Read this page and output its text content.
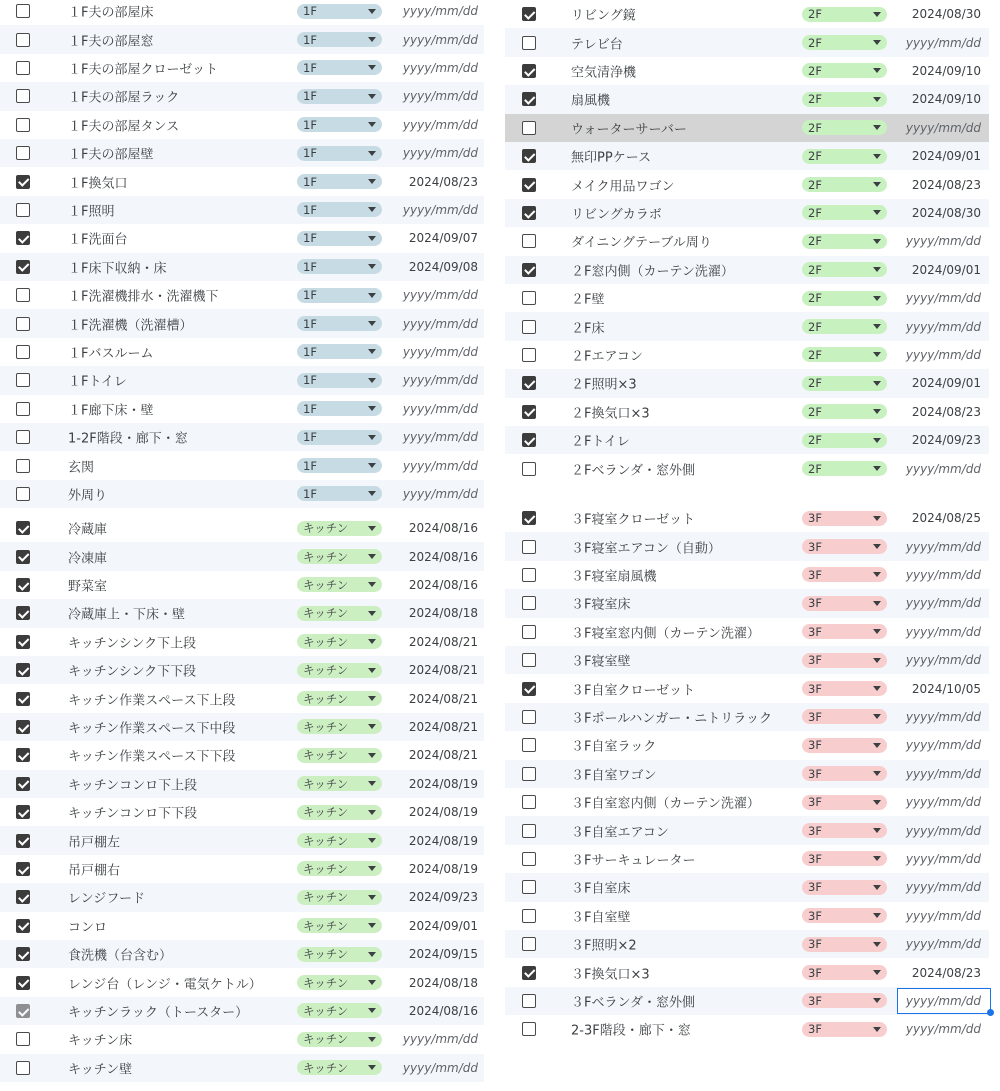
１F夫の部屋床	1F	yyyy/mm/dd
１F夫の部屋窓	1F	yyyy/mm/dd
１F夫の部屋クローゼット	1F	yyyy/mm/dd
１F夫の部屋ラック	1F	yyyy/mm/dd
１F夫の部屋タンス	1F	yyyy/mm/dd
１F夫の部屋壁	1F	yyyy/mm/dd
１F換気口	1F	2024/08/23
１F照明	1F	yyyy/mm/dd
１F洗面台	1F	2024/09/07
１F床下収納・床	1F	2024/09/08
１F洗濯機排水・洗濯機下	1F	yyyy/mm/dd
１F洗濯機（洗濯槽）	1F	yyyy/mm/dd
１Fバスルーム	1F	yyyy/mm/dd
１Fトイレ	1F	yyyy/mm/dd
１F廊下床・壁	1F	yyyy/mm/dd
1-2F階段・廊下・窓	1F	yyyy/mm/dd
玄関	1F	yyyy/mm/dd
外周り	1F	yyyy/mm/dd
冷蔵庫	キッチン	2024/08/16
冷凍庫	キッチン	2024/08/16
野菜室	キッチン	2024/08/16
冷蔵庫上・下床・壁	キッチン	2024/08/18
キッチンシンク下上段	キッチン	2024/08/21
キッチンシンク下下段	キッチン	2024/08/21
キッチン作業スペース下上段	キッチン	2024/08/21
キッチン作業スペース下中段	キッチン	2024/08/21
キッチン作業スペース下下段	キッチン	2024/08/21
キッチンコンロ下上段	キッチン	2024/08/19
キッチンコンロ下下段	キッチン	2024/08/19
吊戸棚左	キッチン	2024/08/19
吊戸棚右	キッチン	2024/08/19
レンジフード	キッチン	2024/09/23
コンロ	キッチン	2024/09/01
食洗機（台含む）	キッチン	2024/09/15
レンジ台（レンジ・電気ケトル）	キッチン	2024/08/18
キッチンラック（トースター）	キッチン	2024/08/16
キッチン床	キッチン	yyyy/mm/dd
キッチン壁	キッチン	yyyy/mm/dd
リビング鏡	2F	2024/08/30
テレビ台	2F	yyyy/mm/dd
空気清浄機	2F	2024/09/10
扇風機	2F	2024/09/10
ウォーターサーバー	2F	yyyy/mm/dd
無印PPケース	2F	2024/09/01
メイク用品ワゴン	2F	2024/08/23
リビングカラボ	2F	2024/08/30
ダイニングテーブル周り	2F	yyyy/mm/dd
２F窓内側（カーテン洗濯）	2F	2024/09/01
２F壁	2F	yyyy/mm/dd
２F床	2F	yyyy/mm/dd
２Fエアコン	2F	yyyy/mm/dd
２F照明×3	2F	2024/09/01
２F換気口×3	2F	2024/08/23
２Fトイレ	2F	2024/09/23
２Fベランダ・窓外側	2F	yyyy/mm/dd
３F寝室クローゼット	3F	2024/08/25
３F寝室エアコン（自動）	3F	yyyy/mm/dd
３F寝室扇風機	3F	yyyy/mm/dd
３F寝室床	3F	yyyy/mm/dd
３F寝室窓内側（カーテン洗濯）	3F	yyyy/mm/dd
３F寝室壁	3F	yyyy/mm/dd
３F自室クローゼット	3F	2024/10/05
３Fポールハンガー・ニトリラック	3F	yyyy/mm/dd
３F自室ラック	3F	yyyy/mm/dd
３F自室ワゴン	3F	yyyy/mm/dd
３F自室窓内側（カーテン洗濯）	3F	yyyy/mm/dd
３F自室エアコン	3F	yyyy/mm/dd
３Fサーキュレーター	3F	yyyy/mm/dd
３F自室床	3F	yyyy/mm/dd
３F自室壁	3F	yyyy/mm/dd
３F照明×2	3F	yyyy/mm/dd
３F換気口×3	3F	2024/08/23
３Fベランダ・窓外側	3F	yyyy/mm/dd
2-3F階段・廊下・窓	3F	yyyy/mm/dd
